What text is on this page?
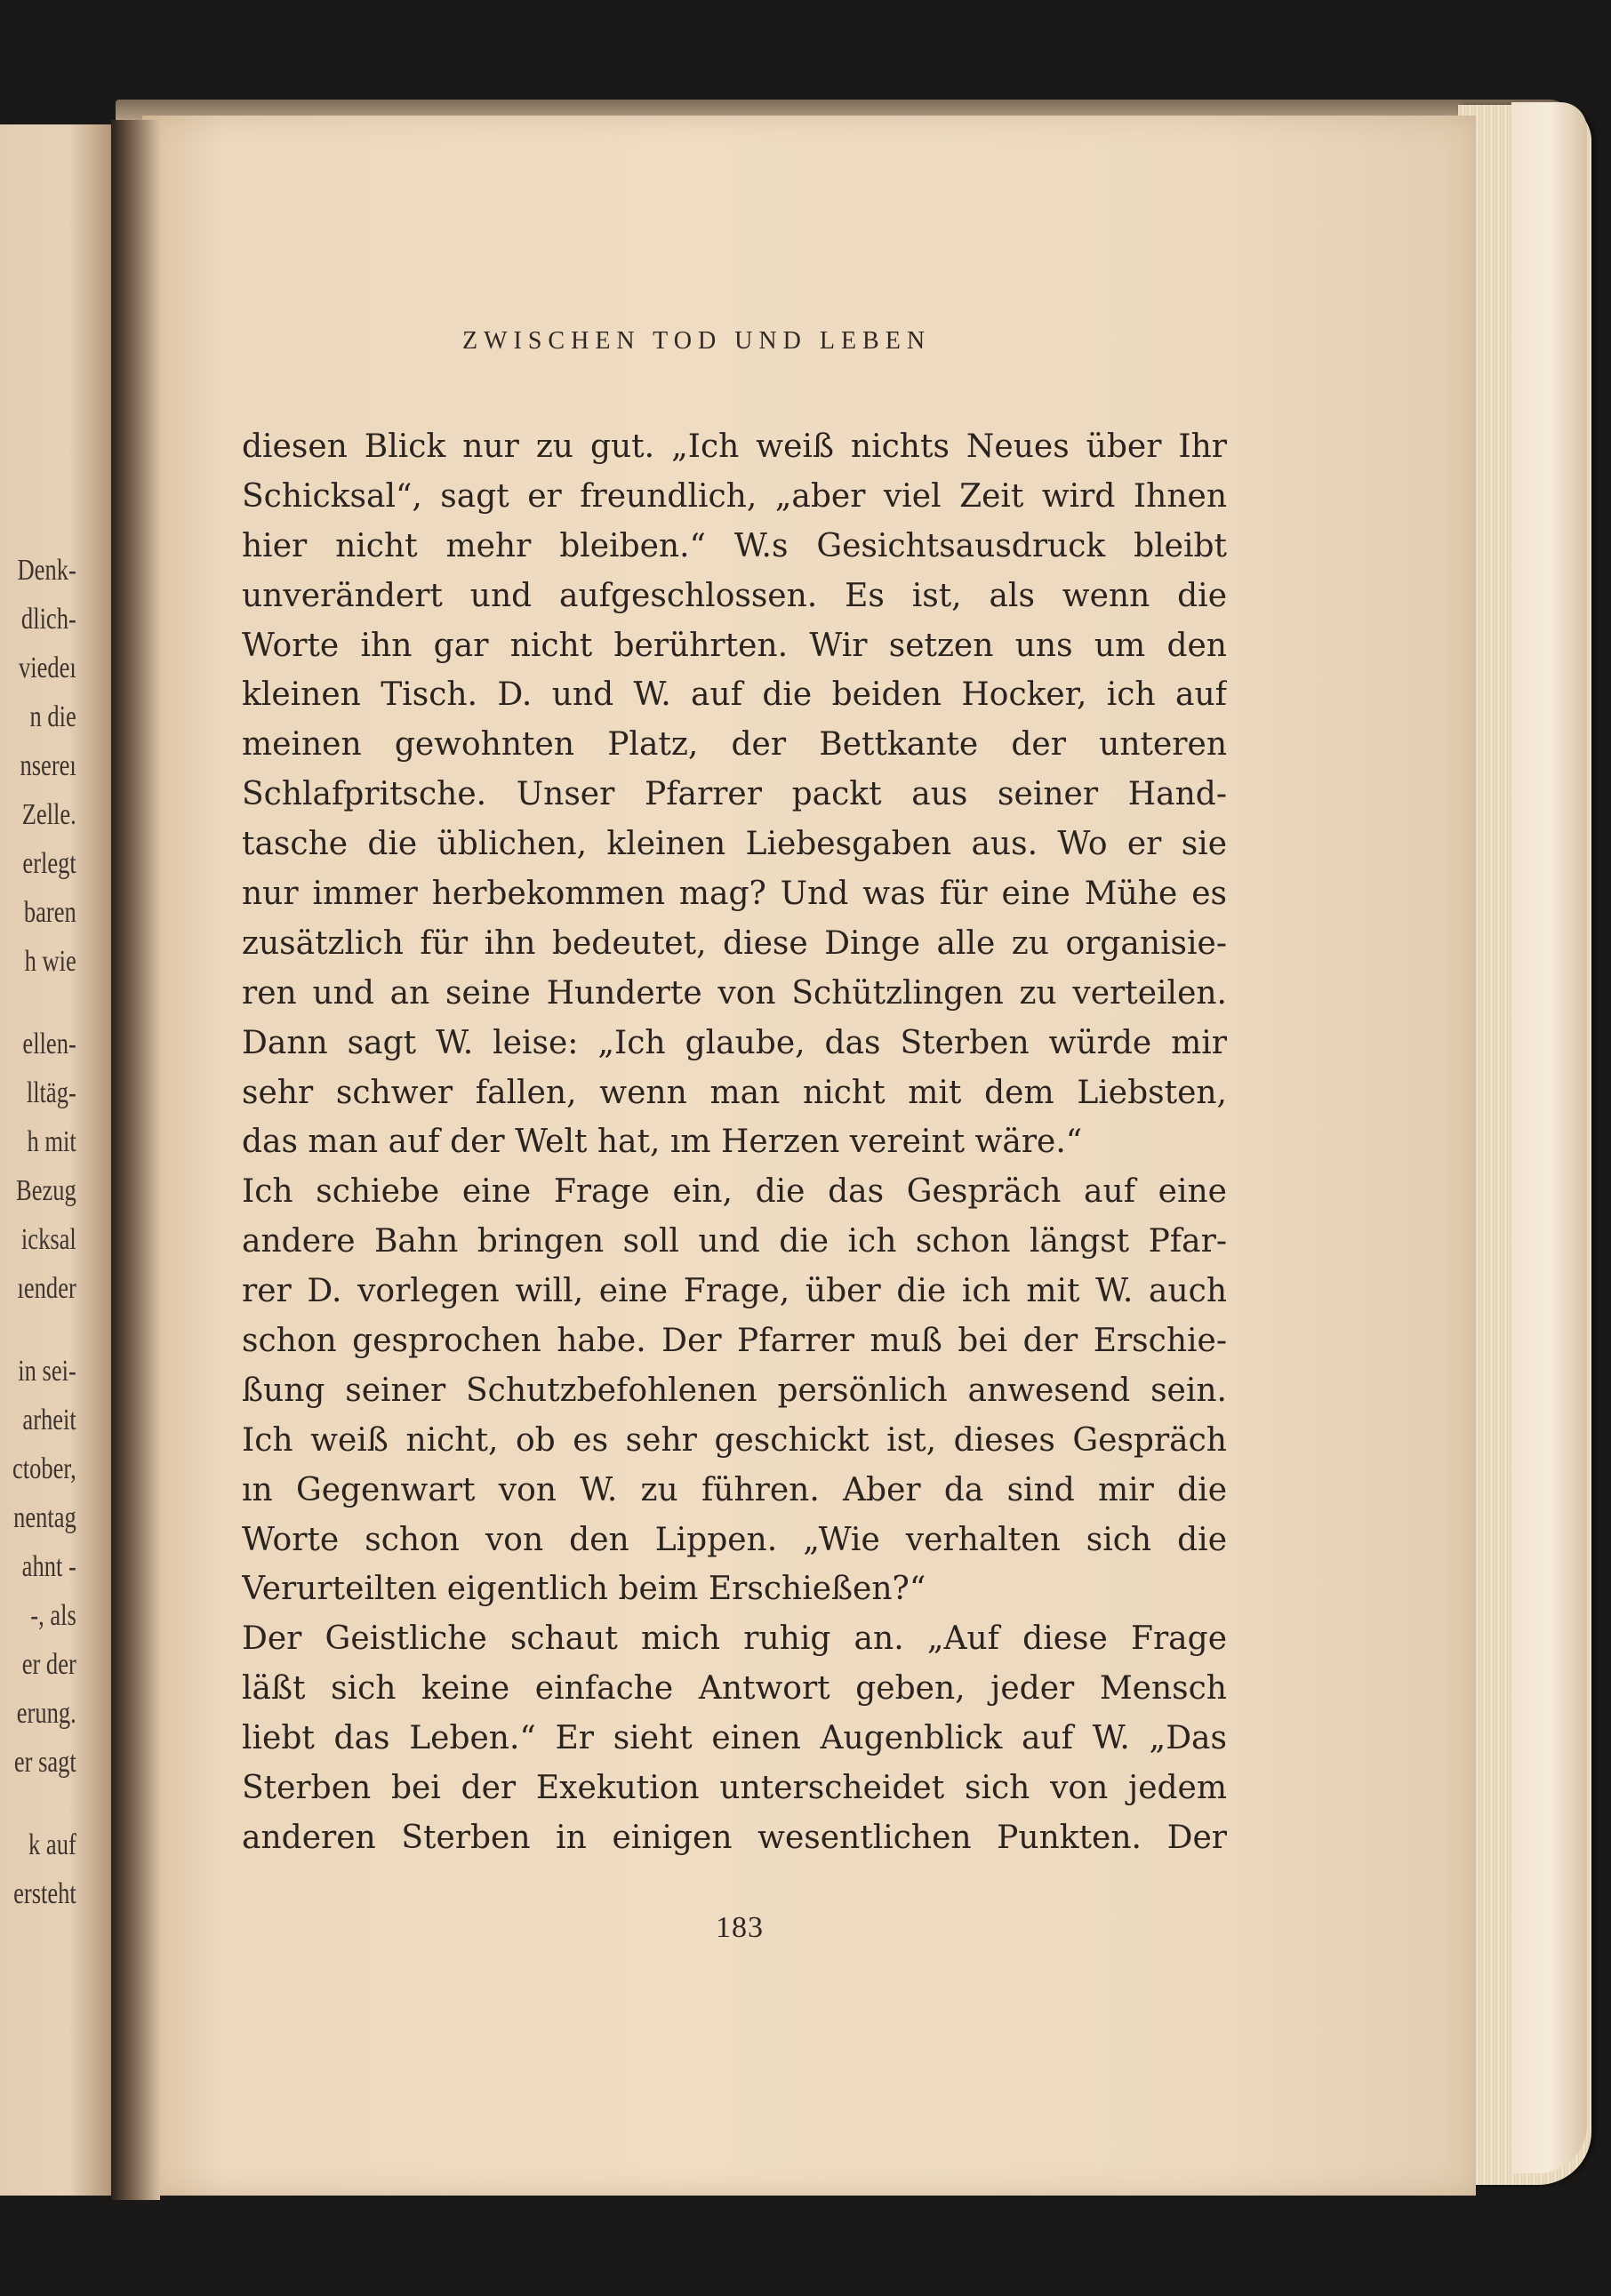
Denk-
dlich-
viedeı
n die
nsereı
Zelle.
erlegt
baren
h wie
ellen-
lltäg-
h mit
Bezug
icksal
ıender
in sei-
arheit
ctober,
nentag
ahnt -
-, als
er der
erung.
er sagt
k auf
ersteht
ZWISCHEN TOD UND LEBEN
diesen Blick nur zu gut. „Ich weiß nichts Neues über Ihr
Schicksal“, sagt er freundlich, „aber viel Zeit wird Ihnen
hier nicht mehr bleiben.“ W.s Gesichtsausdruck bleibt
unverändert und aufgeschlossen. Es ist, als wenn die
Worte ihn gar nicht berührten. Wir setzen uns um den
kleinen Tisch. D. und W. auf die beiden Hocker, ich auf
meinen gewohnten Platz, der Bettkante der unteren
Schlafpritsche. Unser Pfarrer packt aus seiner Hand-
tasche die üblichen, kleinen Liebesgaben aus. Wo er sie
nur immer herbekommen mag? Und was für eine Mühe es
zusätzlich für ihn bedeutet, diese Dinge alle zu organisie-
ren und an seine Hunderte von Schützlingen zu verteilen.
Dann sagt W. leise: „Ich glaube, das Sterben würde mir
sehr schwer fallen, wenn man nicht mit dem Liebsten,
das man auf der Welt hat, ım Herzen vereint wäre.“
Ich schiebe eine Frage ein, die das Gespräch auf eine
andere Bahn bringen soll und die ich schon längst Pfar-
rer D. vorlegen will, eine Frage, über die ich mit W. auch
schon gesprochen habe. Der Pfarrer muß bei der Erschie-
ßung seiner Schutzbefohlenen persönlich anwesend sein.
Ich weiß nicht, ob es sehr geschickt ist, dieses Gespräch
ın Gegenwart von W. zu führen. Aber da sind mir die
Worte schon von den Lippen. „Wie verhalten sich die
Verurteilten eigentlich beim Erschießen?“
Der Geistliche schaut mich ruhig an. „Auf diese Frage
läßt sich keine einfache Antwort geben, jeder Mensch
liebt das Leben.“ Er sieht einen Augenblick auf W. „Das
Sterben bei der Exekution unterscheidet sich von jedem
anderen Sterben in einigen wesentlichen Punkten. Der
183
